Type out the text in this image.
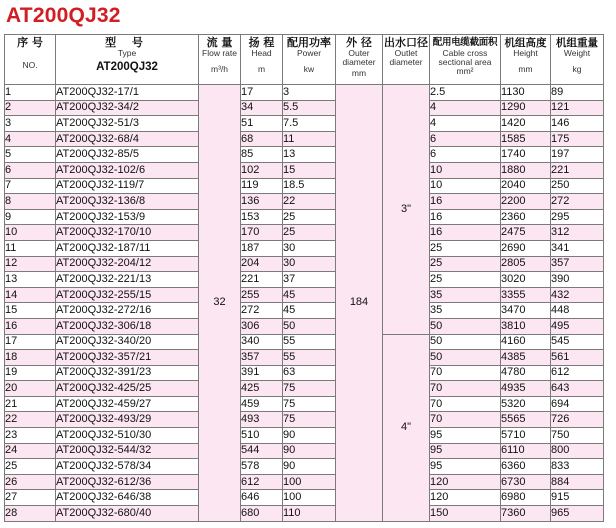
AT200QJ32
序 号
NO.	型 号
Type
AT200QJ32	流 量
Flow rate
m³/h	扬 程
Head
m	配用功率
Power
kw	外 径
Outer
diameter
mm	出水口径
Outlet
diameter	配用电缆截面积
Cable cross
sectional area
mm²	机组高度
Height
mm	机组重量
Weight
kg

1	AT200QJ32-17/1	32	17	3	184	3"	2.5	1130	89
2	AT200QJ32-34/2		34	5.5			4	1290	121
3	AT200QJ32-51/3		51	7.5			4	1420	146
4	AT200QJ32-68/4		68	11			6	1585	175
5	AT200QJ32-85/5		85	13			6	1740	197
6	AT200QJ32-102/6		102	15			10	1880	221
7	AT200QJ32-119/7		119	18.5			10	2040	250
8	AT200QJ32-136/8		136	22			16	2200	272
9	AT200QJ32-153/9		153	25			16	2360	295
10	AT200QJ32-170/10		170	25			16	2475	312
11	AT200QJ32-187/11		187	30			25	2690	341
12	AT200QJ32-204/12		204	30			25	2805	357
13	AT200QJ32-221/13		221	37			25	3020	390
14	AT200QJ32-255/15		255	45			35	3355	432
15	AT200QJ32-272/16		272	45			35	3470	448
16	AT200QJ32-306/18		306	50			50	3810	495
17	AT200QJ32-340/20		340	55		4"	50	4160	545
18	AT200QJ32-357/21		357	55			50	4385	561
19	AT200QJ32-391/23		391	63			70	4780	612
20	AT200QJ32-425/25		425	75			70	4935	643
21	AT200QJ32-459/27		459	75			70	5320	694
22	AT200QJ32-493/29		493	75			70	5565	726
23	AT200QJ32-510/30		510	90			95	5710	750
24	AT200QJ32-544/32		544	90			95	6110	800
25	AT200QJ32-578/34		578	90			95	6360	833
26	AT200QJ32-612/36		612	100			120	6730	884
27	AT200QJ32-646/38		646	100			120	6980	915
28	AT200QJ32-680/40		680	110			150	7360	965
